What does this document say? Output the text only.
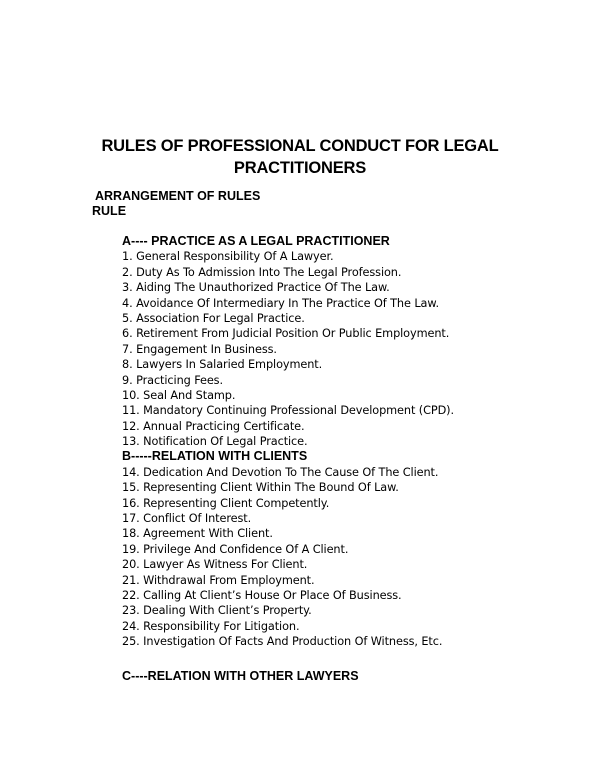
RULES OF PROFESSIONAL CONDUCT FOR LEGAL
PRACTITIONERS
ARRANGEMENT OF RULES
RULE
A---- PRACTICE AS A LEGAL PRACTITIONER
1. General Responsibility Of A Lawyer.
2. Duty As To Admission Into The Legal Profession.
3. Aiding The Unauthorized Practice Of The Law.
4. Avoidance Of Intermediary In The Practice Of The Law.
5. Association For Legal Practice.
6. Retirement From Judicial Position Or Public Employment.
7. Engagement In Business.
8. Lawyers In Salaried Employment.
9. Practicing Fees.
10. Seal And Stamp.
11. Mandatory Continuing Professional Development (CPD).
12. Annual Practicing Certificate.
13. Notification Of Legal Practice.
B-----RELATION WITH CLIENTS
14. Dedication And Devotion To The Cause Of The Client.
15. Representing Client Within The Bound Of Law.
16. Representing Client Competently.
17. Conflict Of Interest.
18. Agreement With Client.
19. Privilege And Confidence Of A Client.
20. Lawyer As Witness For Client.
21. Withdrawal From Employment.
22. Calling At Client’s House Or Place Of Business.
23. Dealing With Client’s Property.
24. Responsibility For Litigation.
25. Investigation Of Facts And Production Of Witness, Etc.
C----RELATION WITH OTHER LAWYERS
